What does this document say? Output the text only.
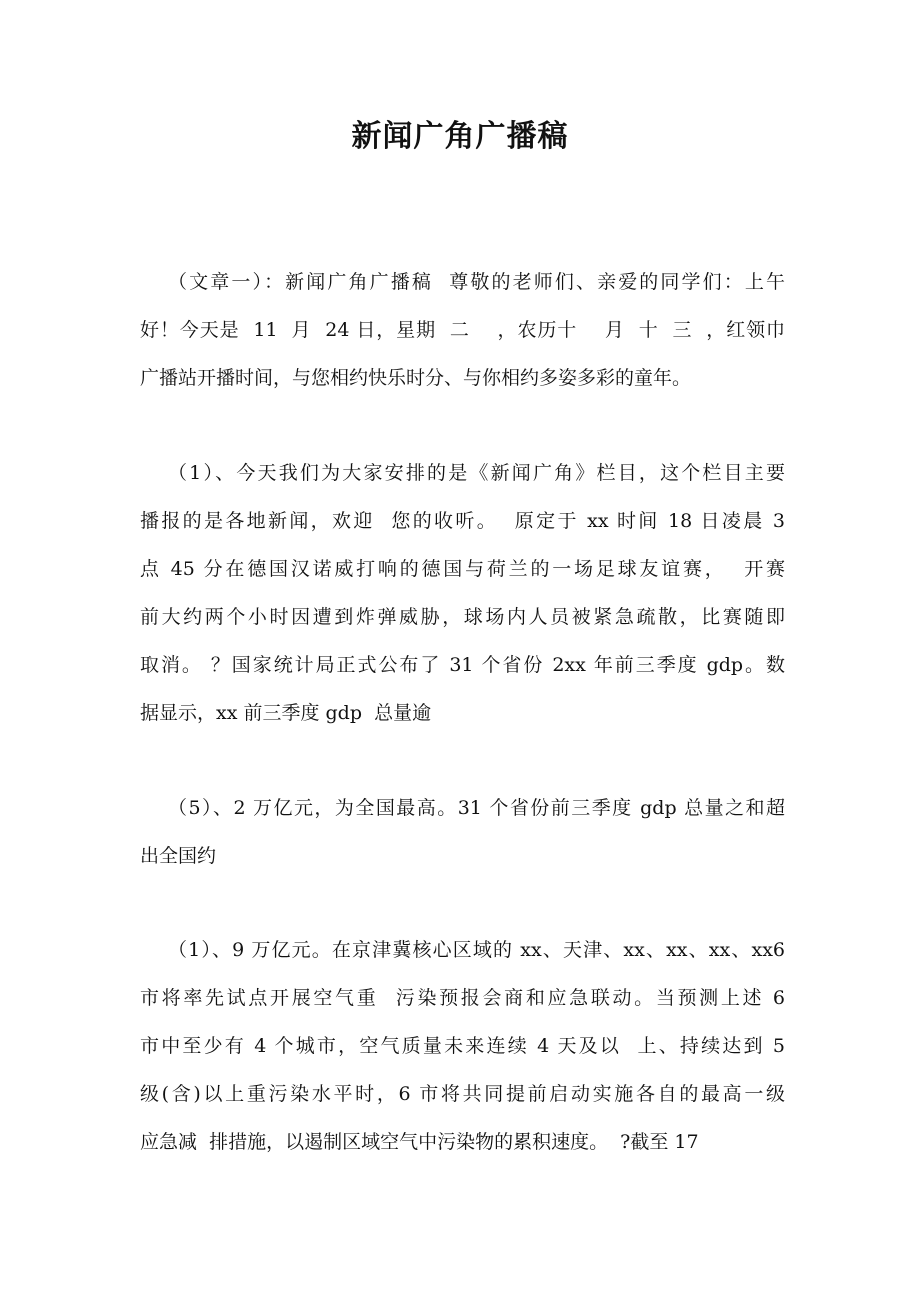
新闻广角广播稿
（文章一）：新闻广角广播稿  尊敬的老师们、亲爱的同学们：上午
好！今天是  11  月  24 日，星期  二    ，农历十    月  十  三  ，红领巾
广播站开播时间，与您相约快乐时分、与你相约多姿多彩的童年。
（1）、今天我们为大家安排的是《新闻广角》栏目，这个栏目主要
播报的是各地新闻，欢迎  您的收听。  原定于 xx 时间 18 日凌晨 3
点 45 分在德国汉诺威打响的德国与荷兰的一场足球友谊赛，  开赛
前大约两个小时因遭到炸弹威胁，球场内人员被紧急疏散，比赛随即
取消。 ？国家统计局正式公布了 31 个省份 2xx 年前三季度 gdp。数
据显示，xx 前三季度 gdp  总量逾
（5）、2 万亿元，为全国最高。31 个省份前三季度 gdp 总量之和超
出全国约
（1）、9 万亿元。在京津冀核心区域的 xx、天津、xx、xx、xx、xx6
市将率先试点开展空气重  污染预报会商和应急联动。当预测上述 6
市中至少有 4 个城市，空气质量未来连续 4 天及以  上、持续达到 5
级(含)以上重污染水平时，6 市将共同提前启动实施各自的最高一级
应急减  排措施，以遏制区域空气中污染物的累积速度。  ?截至 17
